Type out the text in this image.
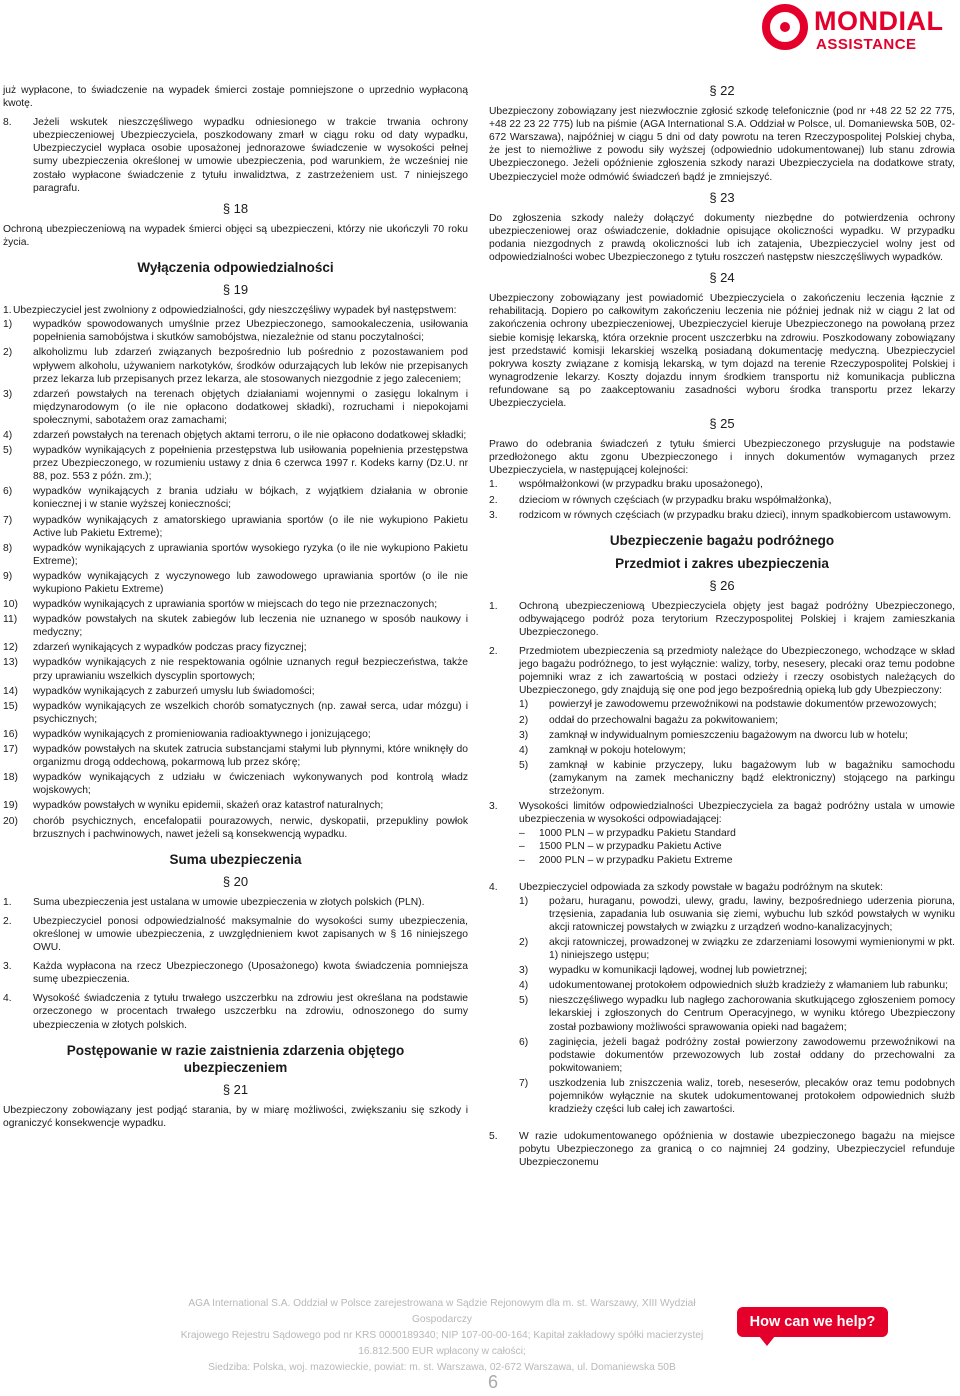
MONDIAL
ASSISTANCE

już wypłacone, to świadczenie na wypadek śmierci zostaje pomniejszone o uprzednio wypłaconą kwotę.

8.	Jeżeli wskutek nieszczęśliwego wypadku odniesionego w trakcie trwania ochrony ubezpieczeniowej Ubezpieczyciela, poszkodowany zmarł w ciągu roku od daty wypadku, Ubezpieczyciel wypłaca osobie uposażonej jednorazowe świadczenie w wysokości pełnej sumy ubezpieczenia określonej w umowie ubezpieczenia, pod warunkiem, że wcześniej nie zostało wypłacone świadczenie z tytułu inwalidztwa, z zastrzeżeniem ust. 7 niniejszego paragrafu.
§ 18

Ochroną ubezpieczeniową na wypadek śmierci objęci są ubezpieczeni, którzy nie ukończyli 70 roku życia.

Wyłączenia odpowiedzialności
§ 19
1. Ubezpieczyciel jest zwolniony z odpowiedzialności, gdy nieszczęśliwy wypadek był następstwem:
1)	wypadków spowodowanych umyślnie przez Ubezpieczonego, samookaleczenia, usiłowania popełnienia samobójstwa i skutków samobójstwa, niezależnie od stanu poczytalności;
2)	alkoholizmu lub zdarzeń związanych bezpośrednio lub pośrednio z pozostawaniem pod wpływem alkoholu, używaniem narkotyków, środków odurzających lub leków nie przepisanych przez lekarza lub przepisanych przez lekarza, ale stosowanych niezgodnie z jego zaleceniem;
3)	zdarzeń powstałych na terenach objętych działaniami wojennymi o zasięgu lokalnym i międzynarodowym (o ile nie opłacono dodatkowej składki), rozruchami i niepokojami społecznymi, sabotażem oraz zamachami;
4)	zdarzeń powstałych na terenach objętych aktami terroru, o ile nie opłacono dodatkowej składki;
5)	wypadków wynikających z popełnienia przestępstwa lub usiłowania popełnienia przestępstwa przez Ubezpieczonego, w rozumieniu ustawy z dnia 6 czerwca 1997 r. Kodeks karny (Dz.U. nr 88, poz. 553 z późn. zm.);
6)	wypadków wynikających z brania udziału w bójkach, z wyjątkiem działania w obronie koniecznej i w stanie wyższej konieczności;
7)	wypadków wynikających z amatorskiego uprawiania sportów (o ile nie wykupiono Pakietu Active lub Pakietu Extreme);
8)	wypadków wynikających z uprawiania sportów wysokiego ryzyka (o ile nie wykupiono Pakietu Extreme);
9)	wypadków wynikających z wyczynowego lub zawodowego uprawiania sportów (o ile nie wykupiono Pakietu Extreme)
10)	wypadków wynikających z uprawiania sportów w miejscach do tego nie przeznaczonych;
11)	wypadków powstałych na skutek zabiegów lub leczenia nie uznanego w sposób naukowy i medyczny;
12)	zdarzeń wynikających z wypadków podczas pracy fizycznej;
13)	wypadków wynikających z nie respektowania ogólnie uznanych reguł bezpieczeństwa, także przy uprawianiu wszelkich dyscyplin sportowych;
14)	wypadków wynikających z zaburzeń umysłu lub świadomości;
15)	wypadków wynikających ze wszelkich chorób somatycznych (np. zawał serca, udar mózgu) i psychicznych;
16)	wypadków wynikających z promieniowania radioaktywnego i jonizującego;
17)	wypadków powstałych na skutek zatrucia substancjami stałymi lub płynnymi, które wniknęły do organizmu drogą oddechową, pokarmową lub przez skórę;
18)	wypadków wynikających z udziału w ćwiczeniach wykonywanych pod kontrolą władz wojskowych;
19)	wypadków powstałych w wyniku epidemii, skażeń oraz katastrof naturalnych;
20)	chorób psychicznych, encefalopatii pourazowych, nerwic, dyskopatii, przepukliny powłok brzusznych i pachwinowych, nawet jeżeli są konsekwencją wypadku.
Suma ubezpieczenia
§ 20
1.	Suma ubezpieczenia jest ustalana w umowie ubezpieczenia w złotych polskich (PLN).
2.	Ubezpieczyciel ponosi odpowiedzialność maksymalnie do wysokości sumy ubezpieczenia, określonej w umowie ubezpieczenia, z uwzględnieniem kwot zapisanych w § 16 niniejszego OWU.
3.	Każda wypłacona na rzecz Ubezpieczonego (Uposażonego) kwota świadczenia pomniejsza sumę ubezpieczenia.
4.	Wysokość świadczenia z tytułu trwałego uszczerbku na zdrowiu jest określana na podstawie orzeczonego w procentach trwałego uszczerbku na zdrowiu, odnoszonego do sumy ubezpieczenia w złotych polskich.
Postępowanie w razie zaistnienia zdarzenia objętego ubezpieczeniem
§ 21

Ubezpieczony zobowiązany jest podjąć starania, by w miarę możliwości, zwiększaniu się szkody i ograniczyć konsekwencje wypadku.

§ 22

Ubezpieczony zobowiązany jest niezwłocznie zgłosić szkodę telefonicznie (pod nr +48 22 52 22 775, +48 22 23 22 775) lub na piśmie (AGA International S.A. Oddział w Polsce, ul. Domaniewska 50B, 02-672 Warszawa), najpóźniej w ciągu 5 dni od daty powrotu na teren Rzeczypospolitej Polskiej chyba, że jest to niemożliwe z powodu siły wyższej (odpowiednio udokumentowanej) lub stanu zdrowia Ubezpieczonego. Jeżeli opóźnienie zgłoszenia szkody narazi Ubezpieczyciela na dodatkowe straty, Ubezpieczyciel może odmówić świadczeń bądź je zmniejszyć.

§ 23

Do zgłoszenia szkody należy dołączyć dokumenty niezbędne do potwierdzenia ochrony ubezpieczeniowej oraz oświadczenie, dokładnie opisujące okoliczności wypadku. W przypadku podania niezgodnych z prawdą okoliczności lub ich zatajenia, Ubezpieczyciel wolny jest od odpowiedzialności wobec Ubezpieczonego z tytułu roszczeń następstw nieszczęśliwych wypadków.

§ 24

Ubezpieczony zobowiązany jest powiadomić Ubezpieczyciela o zakończeniu leczenia łącznie z rehabilitacją. Dopiero po całkowitym zakończeniu leczenia nie później jednak niż w ciągu 2 lat od zakończenia ochrony ubezpieczeniowej, Ubezpieczyciel kieruje Ubezpieczonego na powołaną przez siebie komisję lekarską, która orzeknie procent uszczerbku na zdrowiu. Poszkodowany zobowiązany jest przedstawić komisji lekarskiej wszelką posiadaną dokumentację medyczną. Ubezpieczyciel pokrywa koszty związane z komisją lekarską, w tym dojazd na terenie Rzeczypospolitej Polskiej i wynagrodzenie lekarzy. Koszty dojazdu innym środkiem transportu niż komunikacja publiczna refundowane są po zaakceptowaniu zasadności wyboru środka transportu przez lekarzy Ubezpieczyciela.

§ 25

Prawo do odebrania świadczeń z tytułu śmierci Ubezpieczonego przysługuje na podstawie przedłożonego aktu zgonu Ubezpieczonego i innych dokumentów wymaganych przez Ubezpieczyciela, w następującej kolejności:

1.	współmałżonkowi (w przypadku braku uposażonego),
2.	dzieciom w równych częściach (w przypadku braku współmałżonka),
3.	rodzicom w równych częściach (w przypadku braku dzieci), innym spadkobiercom ustawowym.
Ubezpieczenie bagażu podróżnego
Przedmiot i zakres ubezpieczenia
§ 26
1.	Ochroną ubezpieczeniową Ubezpieczyciela objęty jest bagaż podróżny Ubezpieczonego, odbywającego podróż poza terytorium Rzeczypospolitej Polskiej i krajem zamieszkania Ubezpieczonego.
2.	Przedmiotem ubezpieczenia są przedmioty należące do Ubezpieczonego, wchodzące w skład jego bagażu podróżnego, to jest wyłącznie: walizy, torby, nesesery, plecaki oraz temu podobne pojemniki wraz z ich zawartością w postaci odzieży i rzeczy osobistych należących do Ubezpieczonego, gdy znajdują się one pod jego bezpośrednią opieką lub gdy Ubezpieczony:
1)	powierzył je zawodowemu przewoźnikowi na podstawie dokumentów przewozowych;
2)	oddał do przechowalni bagażu za pokwitowaniem;
3)	zamknął w indywidualnym pomieszczeniu bagażowym na dworcu lub w hotelu;
4)	zamknął w pokoju hotelowym;
5)	zamknął w kabinie przyczepy, luku bagażowym lub w bagażniku samochodu (zamykanym na zamek mechaniczny bądź elektroniczny) stojącego na parkingu strzeżonym.
3.	Wysokości limitów odpowiedzialności Ubezpieczyciela za bagaż podróżny ustala w umowie ubezpieczenia w wysokości odpowiadającej:
–	1000 PLN – w przypadku Pakietu Standard
–	1500 PLN – w przypadku Pakietu Active
–	2000 PLN – w przypadku Pakietu Extreme
4.	Ubezpieczyciel odpowiada za szkody powstałe w bagażu podróżnym na skutek:
1)	pożaru, huraganu, powodzi, ulewy, gradu, lawiny, bezpośredniego uderzenia pioruna, trzęsienia, zapadania lub osuwania się ziemi, wybuchu lub szkód powstałych w wyniku akcji ratowniczej powstałych w związku z urządzeń wodno-kanalizacyjnych;
2)	akcji ratowniczej, prowadzonej w związku ze zdarzeniami losowymi wymienionymi w pkt. 1) niniejszego ustępu;
3)	wypadku w komunikacji lądowej, wodnej lub powietrznej;
4)	udokumentowanej protokołem odpowiednich służb kradzieży z włamaniem lub rabunku;
5)	nieszczęśliwego wypadku lub nagłego zachorowania skutkującego zgłoszeniem pomocy lekarskiej i zgłoszonych do Centrum Operacyjnego, w wyniku którego Ubezpieczony został pozbawiony możliwości sprawowania opieki nad bagażem;
6)	zaginięcia, jeżeli bagaż podróżny został powierzony zawodowemu przewoźnikowi na podstawie dokumentów przewozowych lub został oddany do przechowalni za pokwitowaniem;
7)	uszkodzenia lub zniszczenia waliz, toreb, neseserów, plecaków oraz temu podobnych pojemników wyłącznie na skutek udokumentowanej protokołem odpowiednich służb kradzieży części lub całej ich zawartości.
5.	W razie udokumentowanego opóźnienia w dostawie ubezpieczonego bagażu na miejsce pobytu Ubezpieczonego za granicą o co najmniej 24 godziny, Ubezpieczyciel refunduje Ubezpieczonemu
AGA International S.A. Oddział w Polsce zarejestrowana w Sądzie Rejonowym dla m. st. Warszawy, XIII Wydział Gospodarczy
Krajowego Rejestru Sądowego pod nr KRS 0000189340; NIP 107-00-00-164; Kapitał zakładowy spółki macierzystej 16.812.500 EUR wpłacony w całości;
Siedziba: Polska, woj. mazowieckie, powiat: m. st. Warszawa, 02-672 Warszawa, ul. Domaniewska 50B
How can we help?
6
